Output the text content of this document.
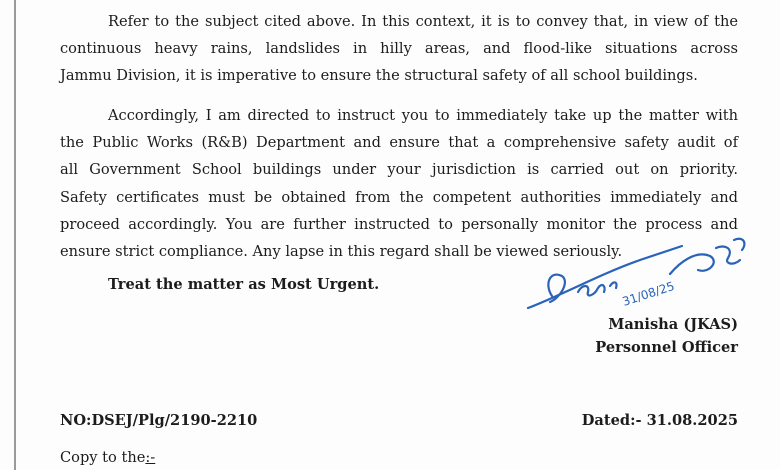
Refer to the subject cited above. In this context, it is to convey that, in view of the
continuous heavy rains, landslides in hilly areas, and flood-like situations across
Jammu Division, it is imperative to ensure the structural safety of all school buildings.

Accordingly, I am directed to instruct you to immediately take up the matter with
the Public Works (R&B) Department and ensure that a comprehensive safety audit of
all Government School buildings under your jurisdiction is carried out on priority.
Safety certificates must be obtained from the competent authorities immediately and
proceed accordingly. You are further instructed to personally monitor the process and
ensure strict compliance. Any lapse in this regard shall be viewed seriously.

Treat the matter as Most Urgent.

Manisha (JKAS)

Personnel Officer

31/08/25

NO:DSEJ/Plg/2190-2210	Dated:- 31.08.2025

Copy to the:-
